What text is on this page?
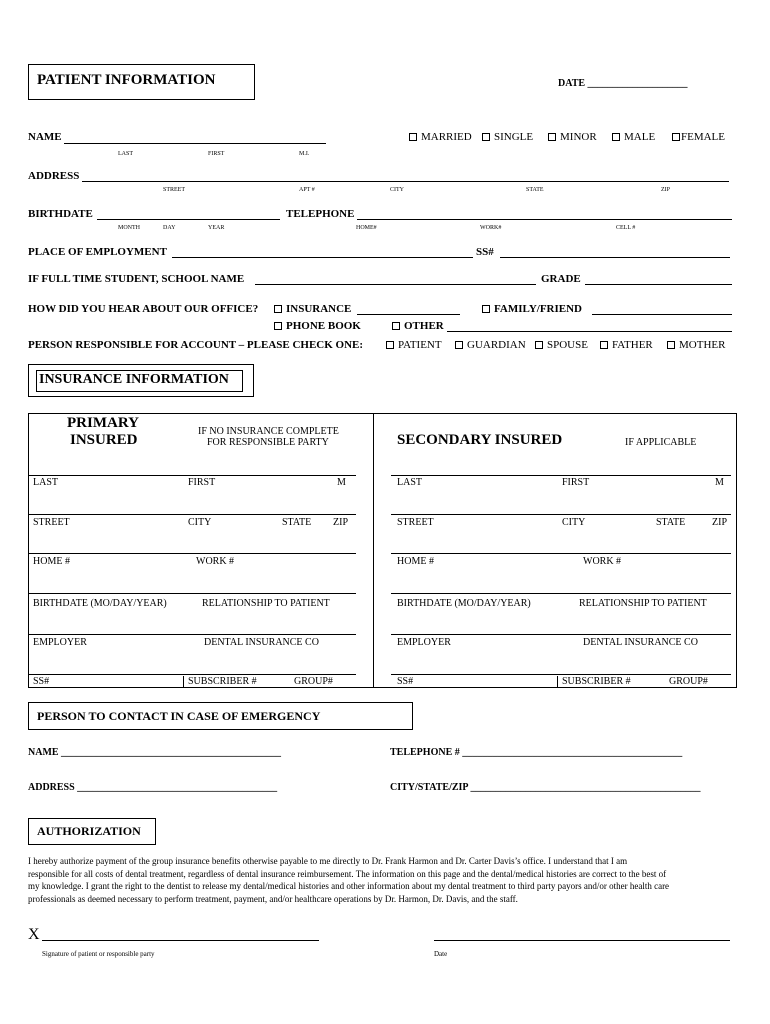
PATIENT INFORMATION	DATE ____________________
NAME
LAST	FIRST	M.I.
MARRIED	SINGLE	MINOR	MALE	FEMALE
ADDRESS
STREET	APT #	CITY	STATE	ZIP
BIRTHDATE
MONTH	DAY	YEAR
TELEPHONE
HOME#	WORK#	CELL #
PLACE OF EMPLOYMENT	SS#
IF FULL TIME STUDENT, SCHOOL NAME	GRADE
HOW DID YOU HEAR ABOUT OUR OFFICE?	INSURANCE	FAMILY/FRIEND
PHONE BOOK	OTHER
PERSON RESPONSIBLE FOR ACCOUNT – PLEASE CHECK ONE:	PATIENT	GUARDIAN	SPOUSE	FATHER	MOTHER
INSURANCE INFORMATION
PRIMARY
INSURED
IF NO INSURANCE COMPLETE
FOR RESPONSIBLE PARTY	SECONDARY INSURED	IF APPLICABLE
LAST	FIRST	M
STREET	CITY	STATE ZIP
HOME #	WORK #
BIRTHDATE (MO/DAY/YEAR)	RELATIONSHIP TO PATIENT
EMPLOYER	DENTAL INSURANCE CO
SS#	SUBSCRIBER #	GROUP#
LAST	FIRST	M
STREET	CITY	STATE	ZIP
HOME #	WORK #
BIRTHDATE (MO/DAY/YEAR)	RELATIONSHIP TO PATIENT
EMPLOYER	DENTAL INSURANCE CO
SS#	SUBSCRIBER #	GROUP#
PERSON TO CONTACT IN CASE OF EMERGENCY
NAME ____________________________________________	TELEPHONE # ____________________________________________
ADDRESS ________________________________________	CITY/STATE/ZIP ______________________________________________
AUTHORIZATION
I hereby authorize payment of the group insurance benefits otherwise payable to me directly to Dr. Frank Harmon and Dr. Carter Davis’s office. I understand that I am
responsible for all costs of dental treatment, regardless of dental insurance reimbursement. The information on this page and the dental/medical histories are correct to the best of
my knowledge. I grant the right to the dentist to release my dental/medical histories and other information about my dental treatment to third party payors and/or other health care
professionals as deemed necessary to perform treatment, payment, and/or healthcare operations by Dr. Harmon, Dr. Davis, and the staff.
X
Signature of patient or responsible party	Date
